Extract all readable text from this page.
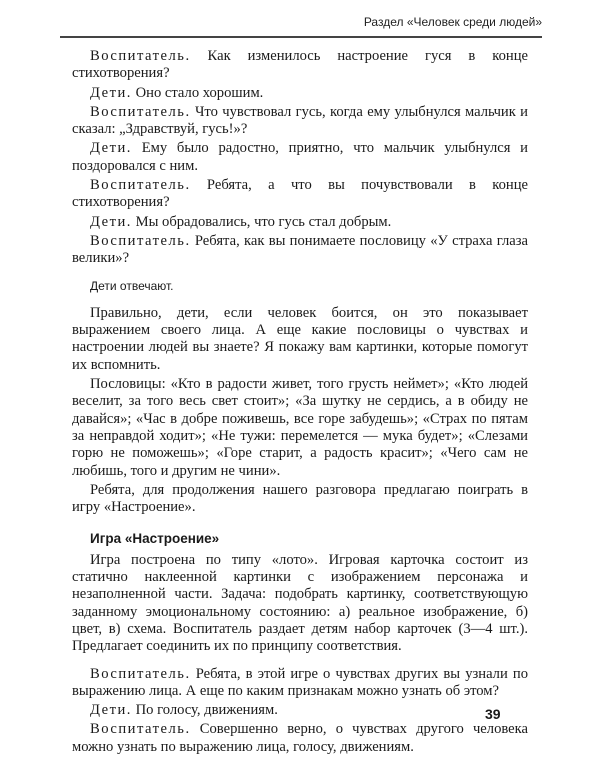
Раздел «Человек среди людей»

Воспитатель. Как изменилось настроение гуся в конце стихотворения?

Дети. Оно стало хорошим.

Воспитатель. Что чувствовал гусь, когда ему улыбнулся мальчик и сказал: „Здравствуй, гусь!»?

Дети. Ему было радостно, приятно, что мальчик улыбнулся и поздоровался с ним.

Воспитатель. Ребята, а что вы почувствовали в конце стихотворения?

Дети. Мы обрадовались, что гусь стал добрым.

Воспитатель. Ребята, как вы понимаете пословицу «У страха глаза велики»?

Дети отвечают.

Правильно, дети, если человек боится, он это показывает выражением своего лица. А еще какие пословицы о чувствах и настроении людей вы знаете? Я покажу вам картинки, которые помогут их вспомнить.

Пословицы: «Кто в радости живет, того грусть неймет»; «Кто людей веселит, за того весь свет стоит»; «За шутку не сердись, а в обиду не давайся»; «Час в добре поживешь, все горе забудешь»; «Страх по пятам за неправдой ходит»; «Не тужи: перемелется — мука будет»; «Слезами горю не поможешь»; «Горе старит, а радость красит»; «Чего сам не любишь, того и другим не чини».

Ребята, для продолжения нашего разговора предлагаю поиграть в игру «Настроение».

Игра «Настроение»

Игра построена по типу «лото». Игровая карточка состоит из статично наклеенной картинки с изображением персонажа и незаполненной части. Задача: подобрать картинку, соответствующую заданному эмоциональному состоянию: а) реальное изображение, б) цвет, в) схема. Воспитатель раздает детям набор карточек (3—4 шт.). Предлагает соединить их по принципу соответствия.

Воспитатель. Ребята, в этой игре о чувствах других вы узнали по выражению лица. А еще по каким признакам можно узнать об этом?

Дети. По голосу, движениям.

Воспитатель. Совершенно верно, о чувствах другого человека можно узнать по выражению лица, голосу, движениям.

39
